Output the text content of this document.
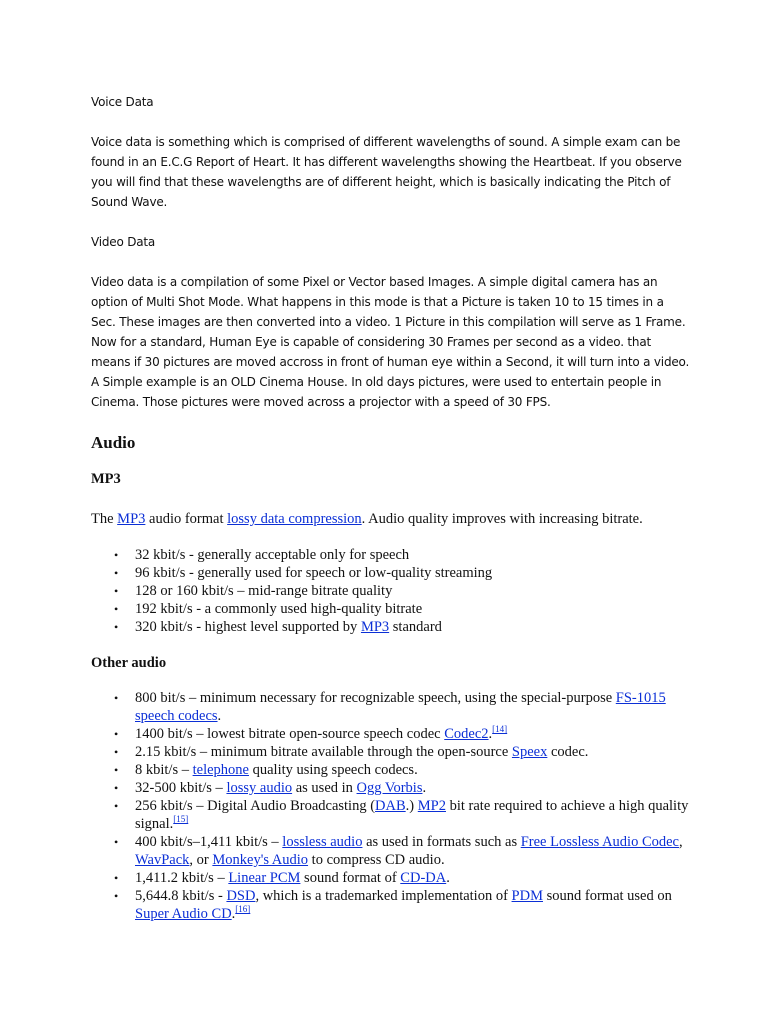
Voice Data

Voice data is something which is comprised of different wavelengths of sound. A simple exam can be found in an E.C.G Report of Heart. It has different wavelengths showing the Heartbeat. If you observe you will find that these wavelengths are of different height, which is basically indicating the Pitch of Sound Wave.

Video Data

Video data is a compilation of some Pixel or Vector based Images. A simple digital camera has an option of Multi Shot Mode. What happens in this mode is that a Picture is taken 10 to 15 times in a Sec. These images are then converted into a video. 1 Picture in this compilation will serve as 1 Frame. Now for a standard, Human Eye is capable of considering 30 Frames per second as a video. that means if 30 pictures are moved accross in front of human eye within a Second, it will turn into a video. A Simple example is an OLD Cinema House. In old days pictures, were used to entertain people in Cinema. Those pictures were moved across a projector with a speed of 30 FPS.

Audio
MP3

The MP3 audio format lossy data compression. Audio quality improves with increasing bitrate.

• 32 kbit/s - generally acceptable only for speech
• 96 kbit/s - generally used for speech or low-quality streaming
• 128 or 160 kbit/s – mid-range bitrate quality
• 192 kbit/s - a commonly used high-quality bitrate
• 320 kbit/s - highest level supported by MP3 standard
Other audio
• 800 bit/s – minimum necessary for recognizable speech, using the special-purpose FS-1015 speech codecs.
• 1400 bit/s – lowest bitrate open-source speech codec Codec2.[14]
• 2.15 kbit/s – minimum bitrate available through the open-source Speex codec.
• 8 kbit/s – telephone quality using speech codecs.
• 32-500 kbit/s – lossy audio as used in Ogg Vorbis.
• 256 kbit/s – Digital Audio Broadcasting (DAB.) MP2 bit rate required to achieve a high quality signal.[15]
• 400 kbit/s–1,411 kbit/s – lossless audio as used in formats such as Free Lossless Audio Codec, WavPack, or Monkey's Audio to compress CD audio.
• 1,411.2 kbit/s – Linear PCM sound format of CD-DA.
• 5,644.8 kbit/s - DSD, which is a trademarked implementation of PDM sound format used on Super Audio CD.[16]
